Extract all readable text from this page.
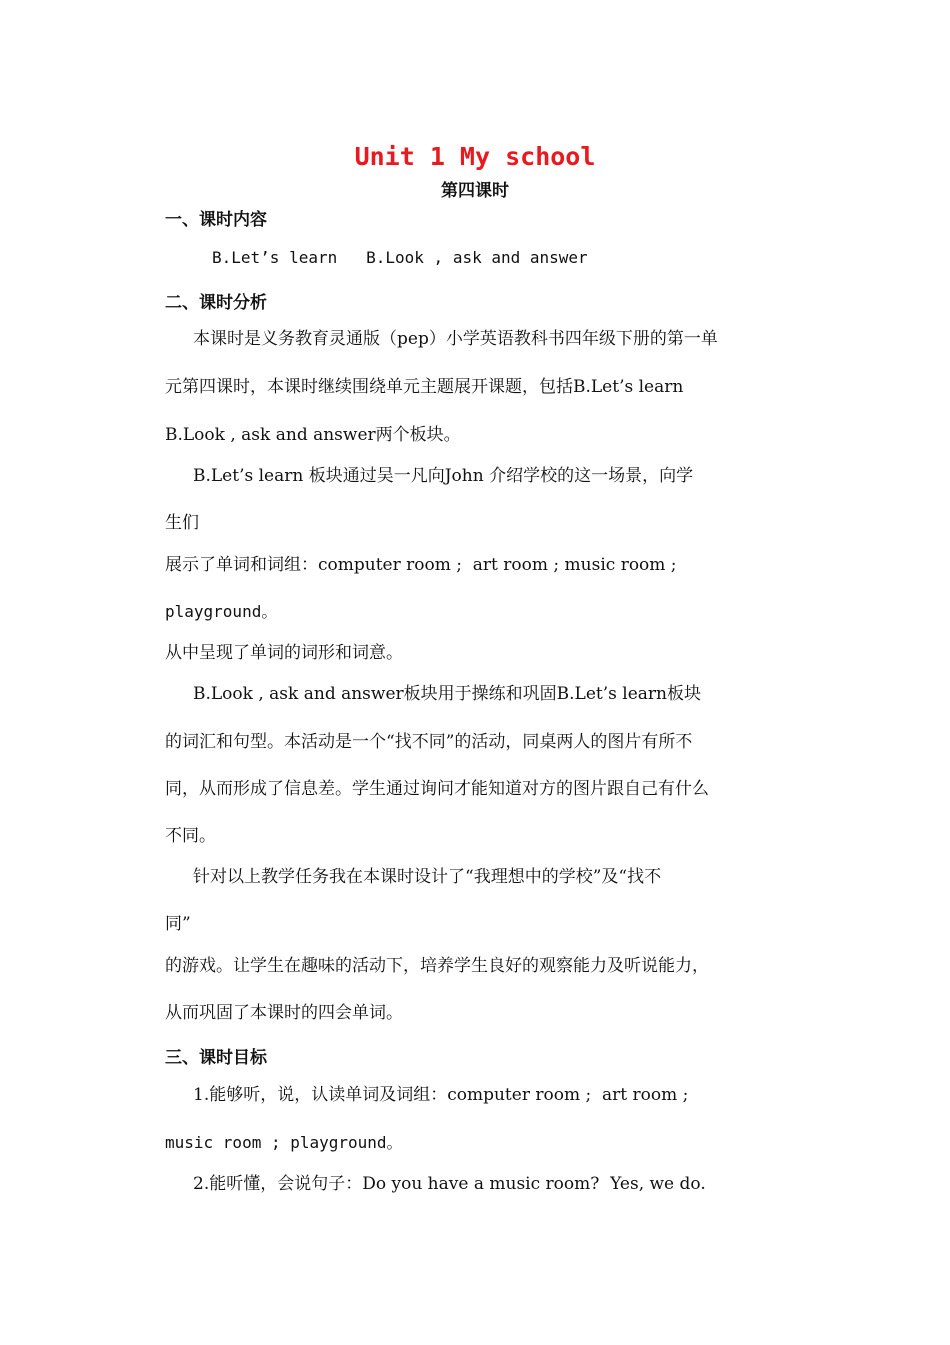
Unit 1 My school
第四课时
一、课时内容
B.Let’s learn   B.Look , ask and answer
二、课时分析
本课时是义务教育灵通版（pep）小学英语教科书四年级下册的第一单
元第四课时，本课时继续围绕单元主题展开课题，包括B.Let’s learn
B.Look , ask and answer两个板块。
B.Let’s learn 板块通过吴一凡向John 介绍学校的这一场景，向学
生们
展示了单词和词组：computer room ;  art room ; music room ;
playground。
从中呈现了单词的词形和词意。
B.Look , ask and answer板块用于操练和巩固B.Let’s learn板块
的词汇和句型。本活动是一个“找不同”的活动，同桌两人的图片有所不
同，从而形成了信息差。学生通过询问才能知道对方的图片跟自己有什么
不同。
针对以上教学任务我在本课时设计了“我理想中的学校”及“找不
同”
的游戏。让学生在趣味的活动下，培养学生良好的观察能力及听说能力，
从而巩固了本课时的四会单词。
三、课时目标
1.能够听，说，认读单词及词组：computer room ;  art room ;
music room ; playground。
2.能听懂，会说句子：Do you have a music room?  Yes, we do.
